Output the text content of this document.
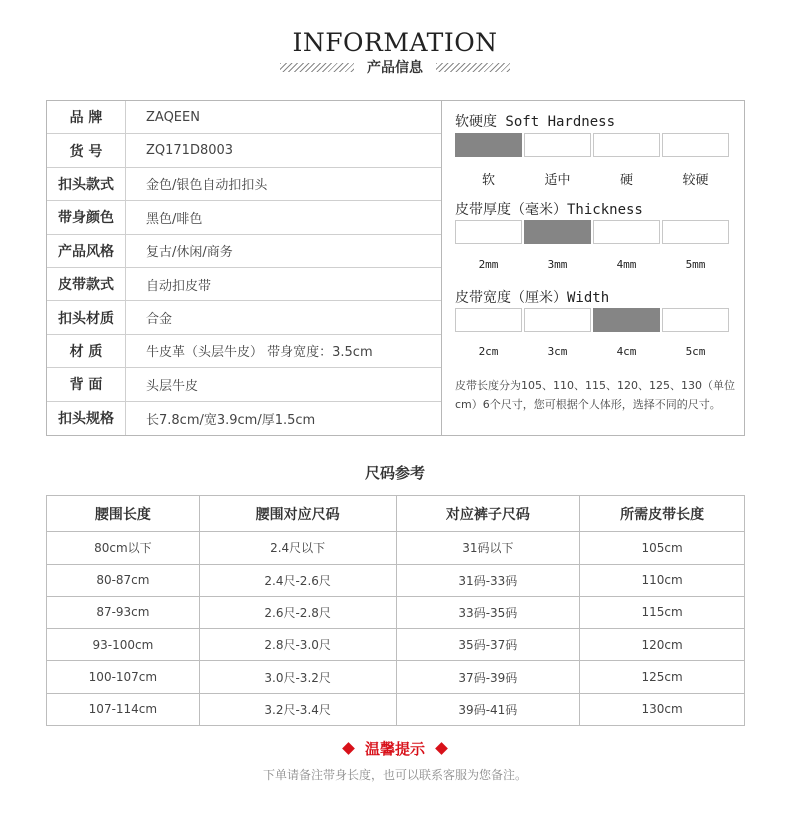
INFORMATION
产品信息
品 牌	ZAQEEN
货 号	ZQ171D8003
扣头款式	金色/银色自动扣扣头
带身颜色	黑色/啡色
产品风格	复古/休闲/商务
皮带款式	自动扣皮带
扣头材质	合金
材 质	牛皮革（头层牛皮） 带身宽度：3.5cm
背 面	头层牛皮
扣头规格	长7.8cm/宽3.9cm/厚1.5cm
软硬度 Soft Hardness
软	适中	硬	较硬
皮带厚度（毫米）Thickness
2mm	3mm	4mm	5mm
皮带宽度（厘米）Width
2cm	3cm	4cm	5cm
皮带长度分为105、110、115、120、125、130（单位cm）6个尺寸，您可根据个人体形，选择不同的尺寸。
尺码参考
腰围长度	腰围对应尺码	对应裤子尺码	所需皮带长度
80cm以下	2.4尺以下	31码以下	105cm
80-87cm	2.4尺-2.6尺	31码-33码	110cm
87-93cm	2.6尺-2.8尺	33码-35码	115cm
93-100cm	2.8尺-3.0尺	35码-37码	120cm
100-107cm	3.0尺-3.2尺	37码-39码	125cm
107-114cm	3.2尺-3.4尺	39码-41码	130cm
温馨提示
下单请备注带身长度，也可以联系客服为您备注。
